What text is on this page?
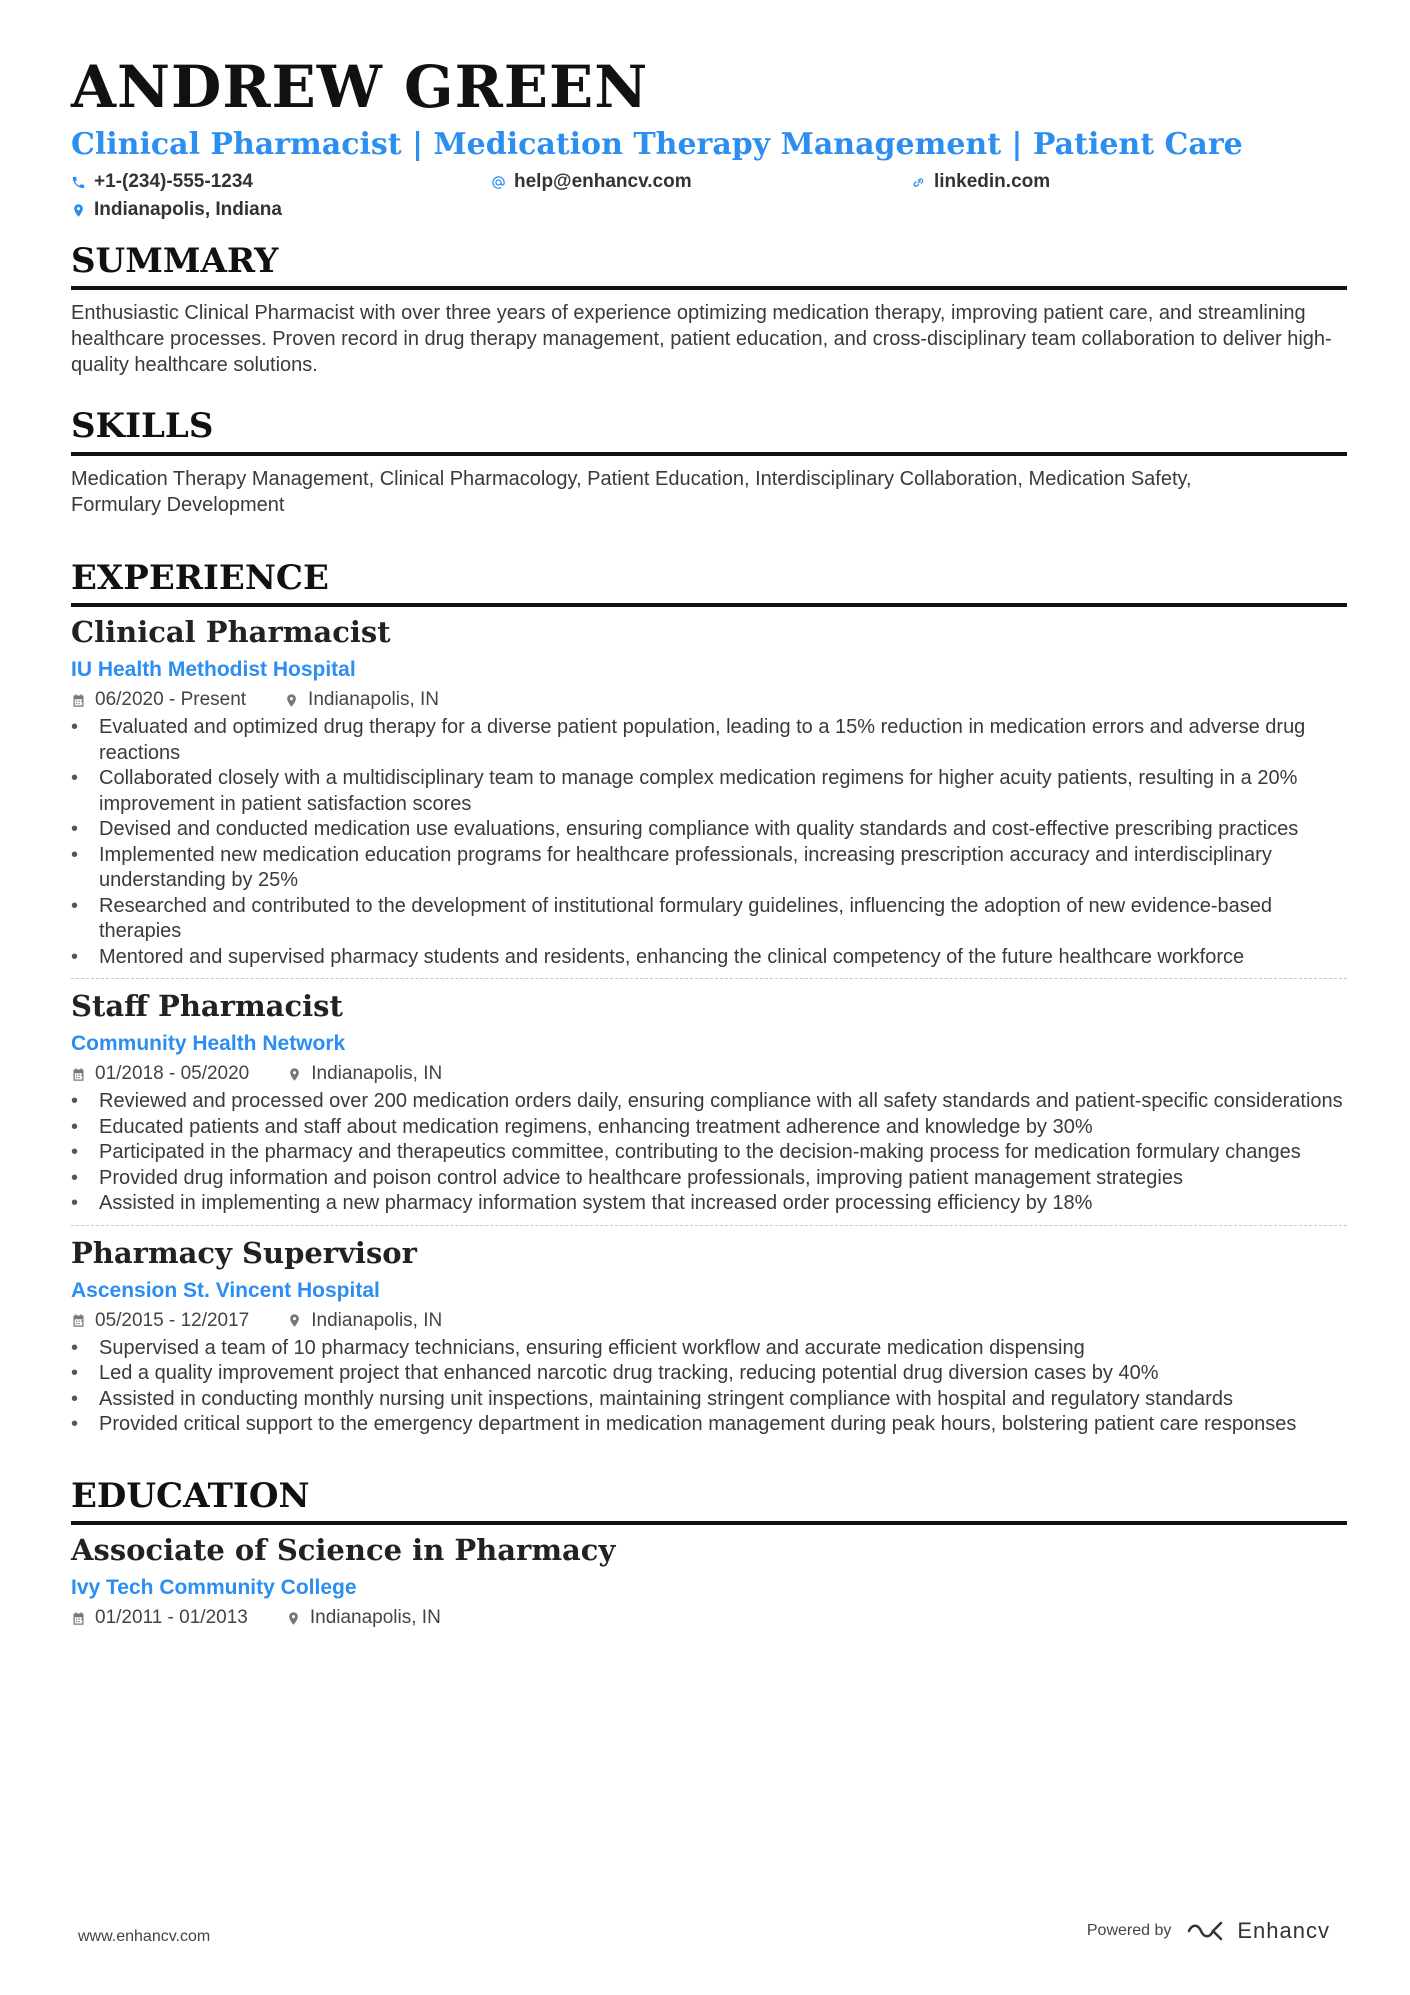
ANDREW GREEN
Clinical Pharmacist | Medication Therapy Management | Patient Care
+1-(234)-555-1234	help@enhancv.com	linkedin.com
Indianapolis, Indiana
SUMMARY

Enthusiastic Clinical Pharmacist with over three years of experience optimizing medication therapy, improving patient care, and streamlining healthcare processes. Proven record in drug therapy management, patient education, and cross-disciplinary team collaboration to deliver high-quality healthcare solutions.

SKILLS

Medication Therapy Management, Clinical Pharmacology, Patient Education, Interdisciplinary Collaboration, Medication Safety, Formulary Development

EXPERIENCE
Clinical Pharmacist
IU Health Methodist Hospital
06/2020 - Present	Indianapolis, IN
• Evaluated and optimized drug therapy for a diverse patient population, leading to a 15% reduction in medication errors and adverse drug reactions
• Collaborated closely with a multidisciplinary team to manage complex medication regimens for higher acuity patients, resulting in a 20% improvement in patient satisfaction scores
• Devised and conducted medication use evaluations, ensuring compliance with quality standards and cost-effective prescribing practices
• Implemented new medication education programs for healthcare professionals, increasing prescription accuracy and interdisciplinary understanding by 25%
• Researched and contributed to the development of institutional formulary guidelines, influencing the adoption of new evidence-based therapies
• Mentored and supervised pharmacy students and residents, enhancing the clinical competency of the future healthcare workforce
Staff Pharmacist
Community Health Network
01/2018 - 05/2020	Indianapolis, IN
• Reviewed and processed over 200 medication orders daily, ensuring compliance with all safety standards and patient-specific considerations
• Educated patients and staff about medication regimens, enhancing treatment adherence and knowledge by 30%
• Participated in the pharmacy and therapeutics committee, contributing to the decision-making process for medication formulary changes
• Provided drug information and poison control advice to healthcare professionals, improving patient management strategies
• Assisted in implementing a new pharmacy information system that increased order processing efficiency by 18%
Pharmacy Supervisor
Ascension St. Vincent Hospital
05/2015 - 12/2017	Indianapolis, IN
• Supervised a team of 10 pharmacy technicians, ensuring efficient workflow and accurate medication dispensing
• Led a quality improvement project that enhanced narcotic drug tracking, reducing potential drug diversion cases by 40%
• Assisted in conducting monthly nursing unit inspections, maintaining stringent compliance with hospital and regulatory standards
• Provided critical support to the emergency department in medication management during peak hours, bolstering patient care responses
EDUCATION
Associate of Science in Pharmacy
Ivy Tech Community College
01/2011 - 01/2013	Indianapolis, IN
www.enhancv.com	Powered by	Enhancv
